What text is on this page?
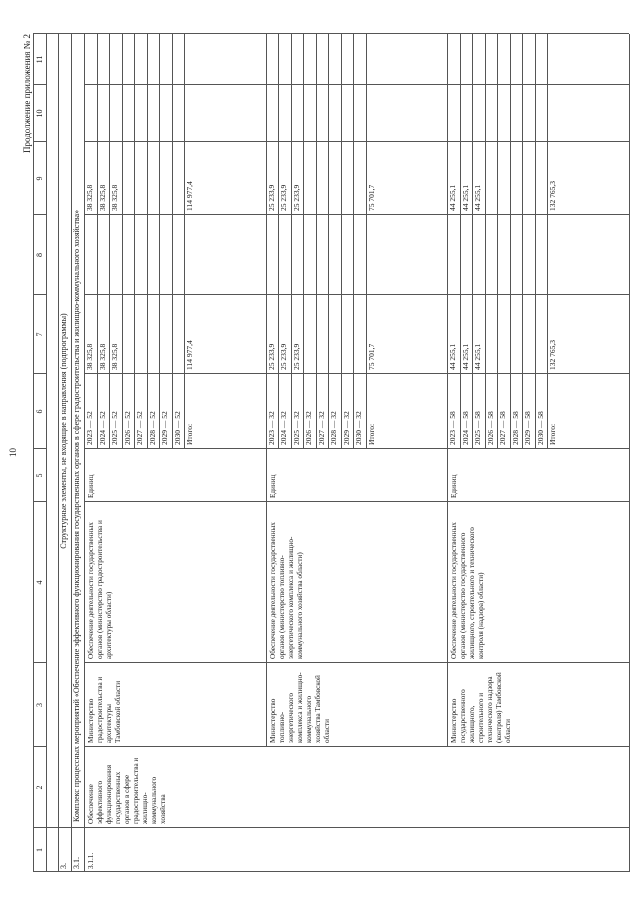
10
Продолжение приложения № 2
1
2
3
4
5
6
7
8
9
10
11
3.
Структурные элементы, не входящие в направления (подпрограммы)
3.1.
Комплекс процессных мероприятий «Обеспечение эффективного функционирования государственных органов в сфере градостроительства и жилищно-коммунального хозяйства»
3.1.1.
Обеспечение эффективного функционирования государственных органов в сфере градостроительства и жилищно-коммунального хозяйства
Министерство градостроительства и архитектуры Тамбовской области
Обеспечение деятельности государственных органов (министерство градостроительства и архитектуры области)
Единиц
2023 — 52
38 325,8
38 325,8
2024 — 52
38 325,8
38 325,8
2025 — 52
38 325,8
38 325,8
2026 — 52 2027 — 52 2028 — 52 2029 — 52 2030 — 52 Итого:
114 977,4
114 977,4
Министерство топливно-энергетического комплекса и жилищно-коммунального хозяйства Тамбовской области
Обеспечение деятельности государственных органов (министерство топливно-энергетического комплекса и жилищно-коммунального хозяйства области)
Единиц
2023 — 32
25 233,9
25 233,9
2024 — 32
25 233,9
25 233,9
2025 — 32
25 233,9
25 233,9
2026 — 32 2027 — 32 2028 — 32 2029 — 32 2030 — 32 Итого:
75 701,7
75 701,7
Министерство государственного жилищного, строительного и технического надзора (контроля) Тамбовской области
Обеспечение деятельности государственных органов (министерство государственного жилищного, строительного и технического контроля (надзора) области)
Единиц
2023 — 58
44 255,1
44 255,1
2024 — 58
44 255,1
44 255,1
2025 — 58
44 255,1
44 255,1
2026 — 58 2027 — 58 2028 — 58 2029 — 58 2030 — 58 Итого:
132 765,3
132 765,3
